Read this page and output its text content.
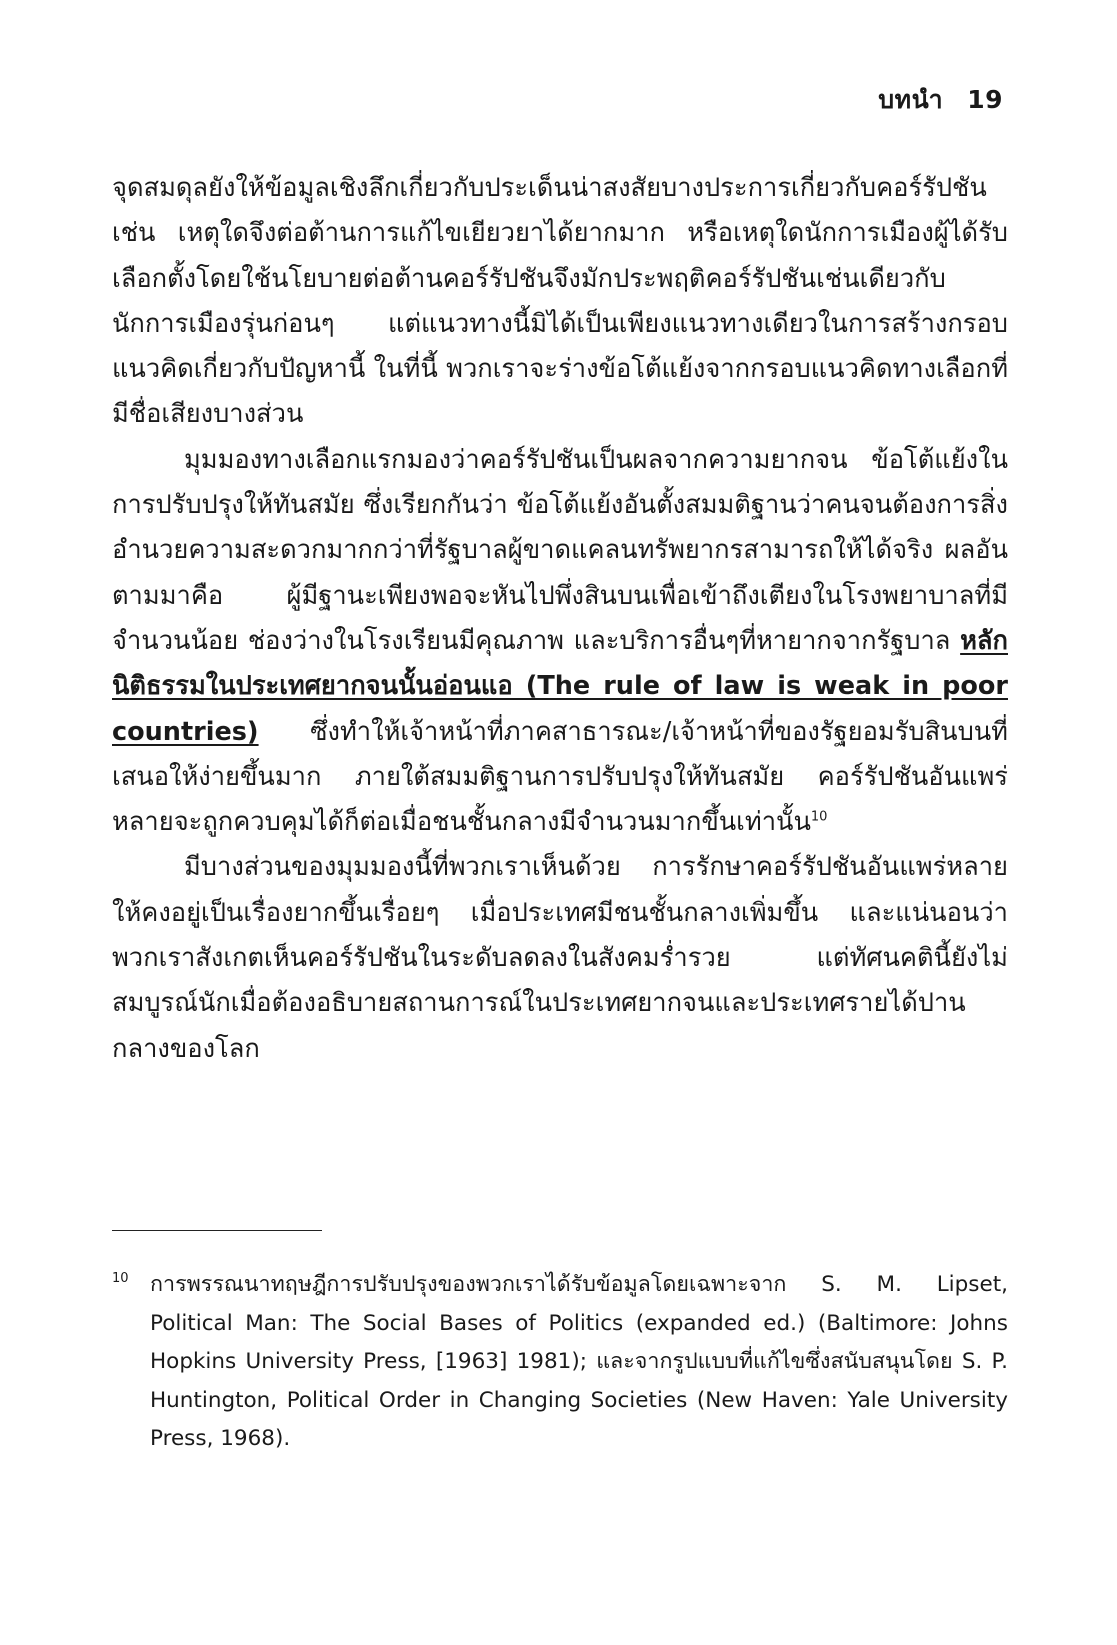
บทนำ 19

จุดสมดุลยังให้ข้อมูลเชิงลึกเกี่ยวกับประเด็นน่าสงสัยบางประการเกี่ยวกับคอร์รัปชัน เช่น เหตุใดจึงต่อต้านการแก้ไขเยียวยาได้ยากมาก หรือเหตุใดนักการเมืองผู้ได้รับเลือกตั้งโดยใช้นโยบายต่อต้านคอร์รัปชันจึงมักประพฤติคอร์รัปชันเช่นเดียวกับนักการเมืองรุ่นก่อนๆ แต่แนวทางนี้มิได้เป็นเพียงแนวทางเดียวในการสร้างกรอบแนวคิดเกี่ยวกับปัญหานี้ ในที่นี้ พวกเราจะร่างข้อโต้แย้งจากกรอบแนวคิดทางเลือกที่มีชื่อเสียงบางส่วน

มุมมองทางเลือกแรกมองว่าคอร์รัปชันเป็นผลจากความยากจน ข้อโต้แย้งในการปรับปรุงให้ทันสมัย ซึ่งเรียกกันว่า ข้อโต้แย้งอันตั้งสมมติฐานว่าคนจนต้องการสิ่งอำนวยความสะดวกมากกว่าที่รัฐบาลผู้ขาดแคลนทรัพยากรสามารถให้ได้จริง ผลอันตามมาคือ ผู้มีฐานะเพียงพอจะหันไปพึ่งสินบนเพื่อเข้าถึงเตียงในโรงพยาบาลที่มีจำนวนน้อย ช่องว่างในโรงเรียนมีคุณภาพ และบริการอื่นๆที่หายากจากรัฐบาล หลักนิติธรรมในประเทศยากจนนั้นอ่อนแอ (The rule of law is weak in poor countries) ซึ่งทำให้เจ้าหน้าที่ภาคสาธารณะ/เจ้าหน้าที่ของรัฐยอมรับสินบนที่เสนอให้ง่ายขึ้นมาก ภายใต้สมมติฐานการปรับปรุงให้ทันสมัย คอร์รัปชันอันแพร่หลายจะถูกควบคุมได้ก็ต่อเมื่อชนชั้นกลางมีจำนวนมากขึ้นเท่านั้น$^{10}$

มีบางส่วนของมุมมองนี้ที่พวกเราเห็นด้วย การรักษาคอร์รัปชันอันแพร่หลายให้คงอยู่เป็นเรื่องยากขึ้นเรื่อยๆ เมื่อประเทศมีชนชั้นกลางเพิ่มขึ้น และแน่นอนว่าพวกเราสังเกตเห็นคอร์รัปชันในระดับลดลงในสังคมร่ำรวย แต่ทัศนคตินี้ยังไม่สมบูรณ์นักเมื่อต้องอธิบายสถานการณ์ในประเทศยากจนและประเทศรายได้ปานกลางของโลก

10 การพรรณนาทฤษฎีการปรับปรุงของพวกเราได้รับข้อมูลโดยเฉพาะจาก S. M. Lipset, Political Man: The Social Bases of Politics (expanded ed.) (Baltimore: Johns Hopkins University Press, [1963] 1981); และจากรูปแบบที่แก้ไขซึ่งสนับสนุนโดย S. P. Huntington, Political Order in Changing Societies (New Haven: Yale University Press, 1968).
